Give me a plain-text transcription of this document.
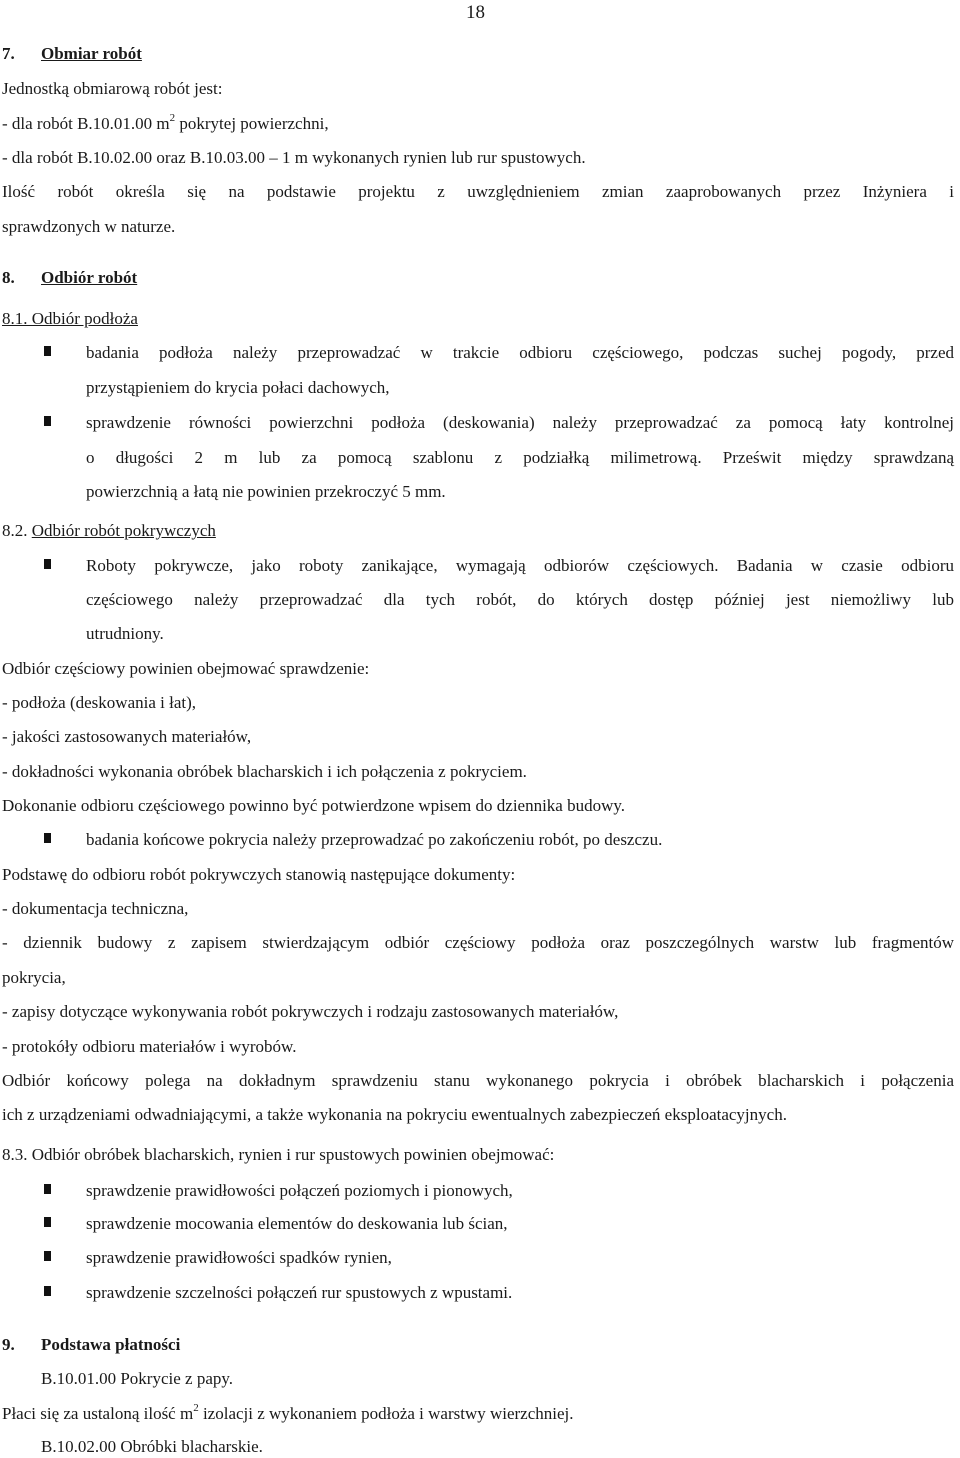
18
7. Obmiar robót
Jednostką obmiarową robót jest:
- dla robót B.10.01.00 $m^2$ pokrytej powierzchni,
- dla robót B.10.02.00 oraz B.10.03.00 – 1 m wykonanych rynien lub rur spustowych.
Ilość robót określa się na podstawie projektu z uwzględnieniem zmian zaaprobowanych przez Inżyniera i
sprawdzonych w naturze.
8. Odbiór robót
8.1. Odbiór podłoża
badania podłoża należy przeprowadzać w trakcie odbioru częściowego, podczas suchej pogody, przed
przystąpieniem do krycia połaci dachowych,
sprawdzenie równości powierzchni podłoża (deskowania) należy przeprowadzać za pomocą łaty kontrolnej
o długości 2 m lub za pomocą szablonu z podziałką milimetrową. Prześwit między sprawdzaną
powierzchnią a łatą nie powinien przekroczyć 5 mm.
8.2. Odbiór robót pokrywczych
Roboty pokrywcze, jako roboty zanikające, wymagają odbiorów częściowych. Badania w czasie odbioru
częściowego należy przeprowadzać dla tych robót, do których dostęp później jest niemożliwy lub
utrudniony.
Odbiór częściowy powinien obejmować sprawdzenie:
- podłoża (deskowania i łat),
- jakości zastosowanych materiałów,
- dokładności wykonania obróbek blacharskich i ich połączenia z pokryciem.
Dokonanie odbioru częściowego powinno być potwierdzone wpisem do dziennika budowy.
badania końcowe pokrycia należy przeprowadzać po zakończeniu robót, po deszczu.
Podstawę do odbioru robót pokrywczych stanowią następujące dokumenty:
- dokumentacja techniczna,
- dziennik budowy z zapisem stwierdzającym odbiór częściowy podłoża oraz poszczególnych warstw lub fragmentów
pokrycia,
- zapisy dotyczące wykonywania robót pokrywczych i rodzaju zastosowanych materiałów,
- protokóły odbioru materiałów i wyrobów.
Odbiór końcowy polega na dokładnym sprawdzeniu stanu wykonanego pokrycia i obróbek blacharskich i połączenia
ich z urządzeniami odwadniającymi, a także wykonania na pokryciu ewentualnych zabezpieczeń eksploatacyjnych.
8.3. Odbiór obróbek blacharskich, rynien i rur spustowych powinien obejmować:
sprawdzenie prawidłowości połączeń poziomych i pionowych,
sprawdzenie mocowania elementów do deskowania lub ścian,
sprawdzenie prawidłowości spadków rynien,
sprawdzenie szczelności połączeń rur spustowych z wpustami.
9. Podstawa płatności
B.10.01.00 Pokrycie z papy.
Płaci się za ustaloną ilość $m^2$ izolacji z wykonaniem podłoża i warstwy wierzchniej.
B.10.02.00 Obróbki blacharskie.
